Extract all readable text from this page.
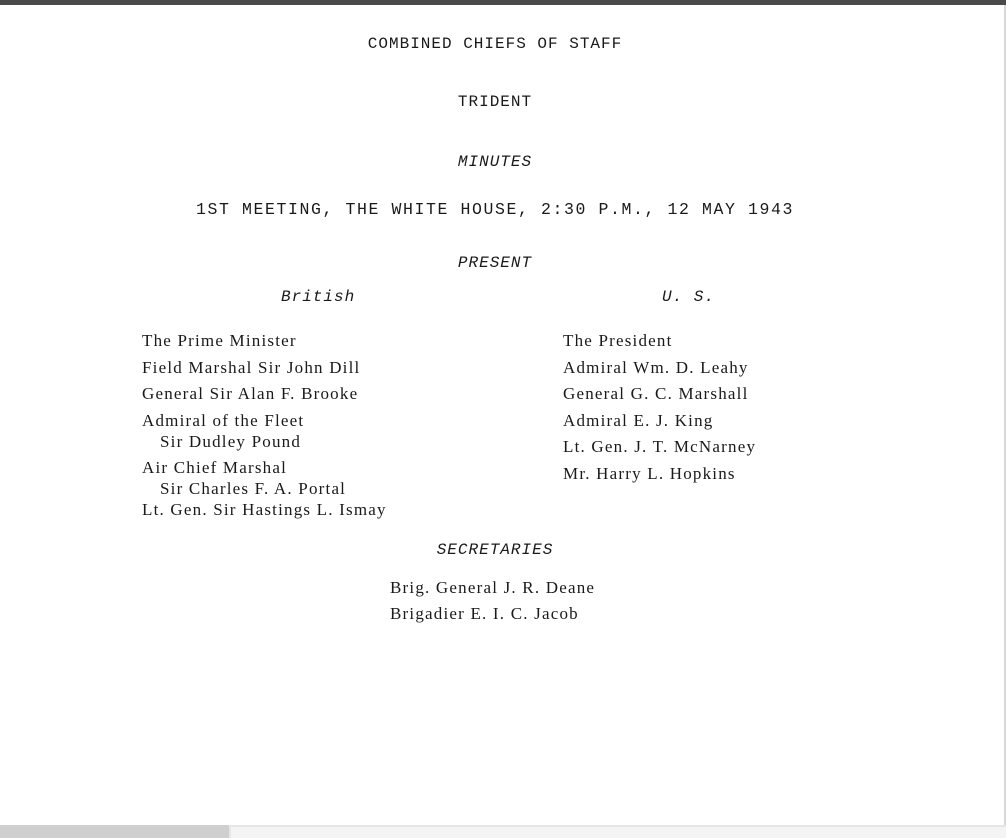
COMBINED CHIEFS OF STAFF
TRIDENT
MINUTES
1ST MEETING, THE WHITE HOUSE, 2:30 P.M., 12 MAY 1943
PRESENT
British	U. S.
The Prime Minister
Field Marshal Sir John Dill
General Sir Alan F. Brooke
Admiral of the Fleet
Sir Dudley Pound
Air Chief Marshal
Sir Charles F. A. Portal
Lt. Gen. Sir Hastings L. Ismay
The President
Admiral Wm. D. Leahy
General G. C. Marshall
Admiral E. J. King
Lt. Gen. J. T. McNarney
Mr. Harry L. Hopkins
SECRETARIES
Brig. General J. R. Deane
Brigadier E. I. C. Jacob
